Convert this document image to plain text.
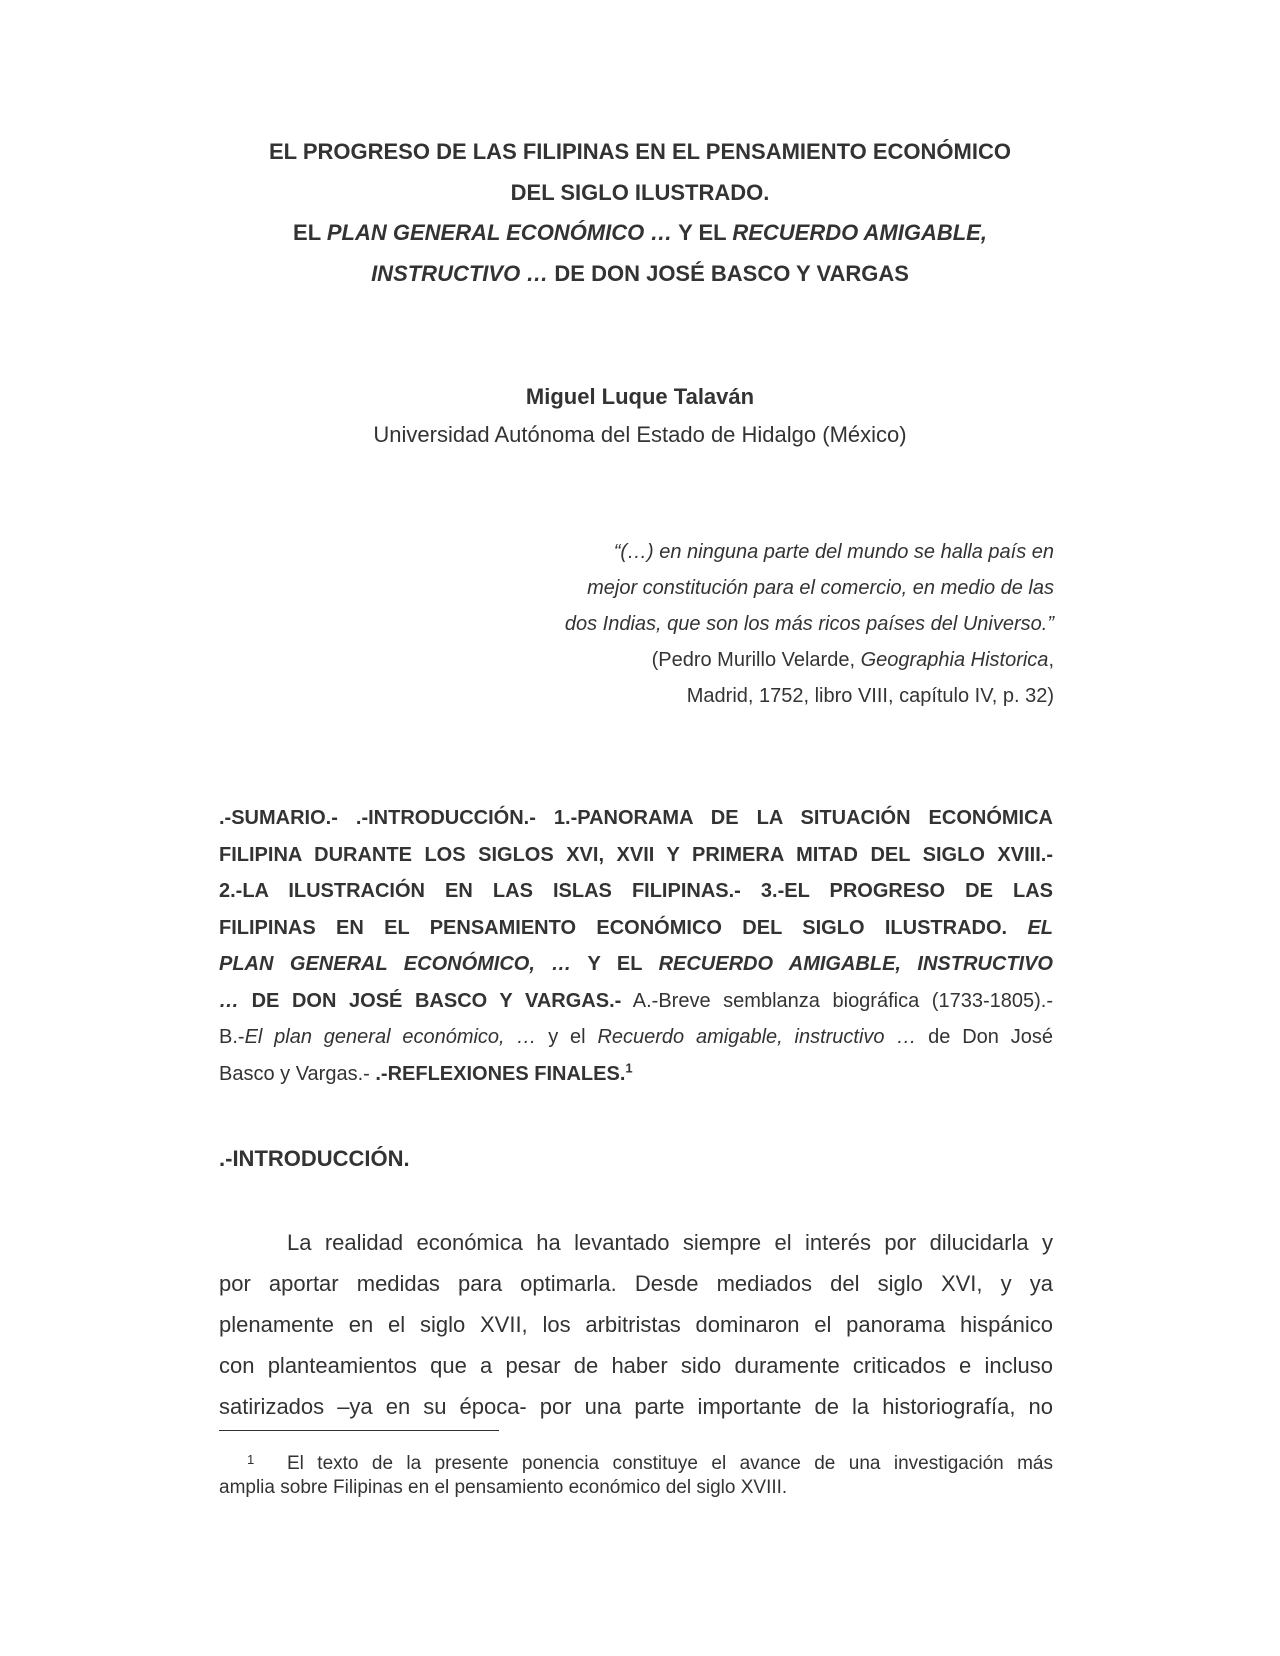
EL PROGRESO DE LAS FILIPINAS EN EL PENSAMIENTO ECONÓMICO
DEL SIGLO ILUSTRADO.
EL PLAN GENERAL ECONÓMICO … Y EL RECUERDO AMIGABLE,
INSTRUCTIVO … DE DON JOSÉ BASCO Y VARGAS
Miguel Luque Talaván
Universidad Autónoma del Estado de Hidalgo (México)
“(…) en ninguna parte del mundo se halla país en
mejor constitución para el comercio, en medio de las
dos Indias, que son los más ricos países del Universo.”
(Pedro Murillo Velarde, Geographia Historica,
Madrid, 1752, libro VIII, capítulo IV, p. 32)
.-SUMARIO.- .-INTRODUCCIÓN.- 1.-PANORAMA DE LA SITUACIÓN ECONÓMICA
FILIPINA DURANTE LOS SIGLOS XVI, XVII Y PRIMERA MITAD DEL SIGLO XVIII.-
2.-LA ILUSTRACIÓN EN LAS ISLAS FILIPINAS.- 3.-EL PROGRESO DE LAS
FILIPINAS EN EL PENSAMIENTO ECONÓMICO DEL SIGLO ILUSTRADO. EL
PLAN GENERAL ECONÓMICO, … Y EL RECUERDO AMIGABLE, INSTRUCTIVO
… DE DON JOSÉ BASCO Y VARGAS.- A.-Breve semblanza biográfica (1733-1805).-
B.-El plan general económico, … y el Recuerdo amigable, instructivo … de Don José
Basco y Vargas.- .-REFLEXIONES FINALES.$^1$
.-INTRODUCCIÓN.
La realidad económica ha levantado siempre el interés por dilucidarla y
por aportar medidas para optimarla. Desde mediados del siglo XVI, y ya
plenamente en el siglo XVII, los arbitristas dominaron el panorama hispánico
con planteamientos que a pesar de haber sido duramente criticados e incluso
satirizados –ya en su época- por una parte importante de la historiografía, no
1 El texto de la presente ponencia constituye el avance de una investigación más
amplia sobre Filipinas en el pensamiento económico del siglo XVIII.
